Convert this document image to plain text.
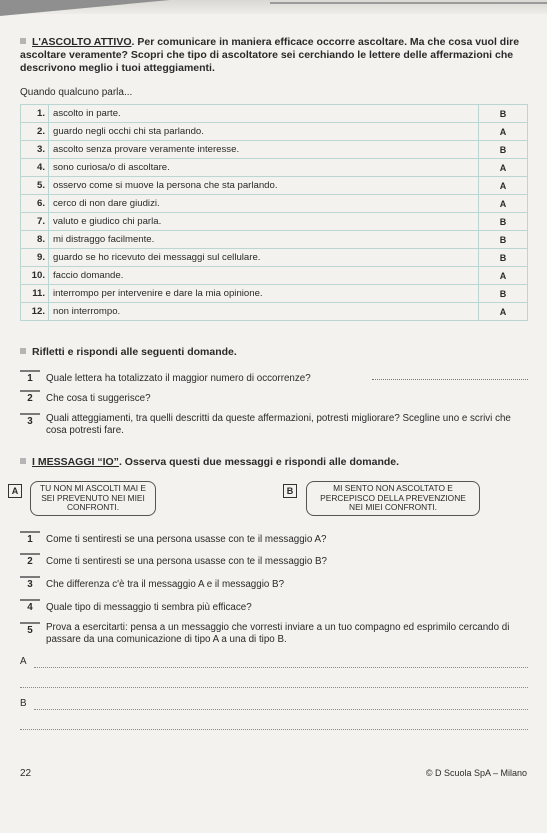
L'ASCOLTO ATTIVO. Per comunicare in maniera efficace occorre ascoltare. Ma che cosa vuol dire ascoltare veramente? Scopri che tipo di ascoltatore sei cerchiando le lettere delle affermazioni che descrivono meglio i tuoi atteggiamenti.
Quando qualcuno parla...
1.	ascolto in parte.	B
2.	guardo negli occhi chi sta parlando.	A
3.	ascolto senza provare veramente interesse.	B
4.	sono curiosa/o di ascoltare.	A
5.	osservo come si muove la persona che sta parlando.	A
6.	cerco di non dare giudizi.	A
7.	valuto e giudico chi parla.	B
8.	mi distraggo facilmente.	B
9.	guardo se ho ricevuto dei messaggi sul cellulare.	B
10.	faccio domande.	A
11.	interrompo per intervenire e dare la mia opinione.	B
12.	non interrompo.	A
Rifletti e rispondi alle seguenti domande.
1 Quale lettera ha totalizzato il maggior numero di occorrenze?
2 Che cosa ti suggerisce?
3	Quali atteggiamenti, tra quelli descritti da queste affermazioni, potresti migliorare? Scegline uno e scrivi che cosa potresti fare.
I MESSAGGI “IO”. Osserva questi due messaggi e rispondi alle domande.
A	TU NON MI ASCOLTI MAI E SEI PREVENUTO NEI MIEI CONFRONTI.
B	MI SENTO NON ASCOLTATO E PERCEPISCO DELLA PREVENZIONE NEI MIEI CONFRONTI.
1 Come ti sentiresti se una persona usasse con te il messaggio A?
2 Come ti sentiresti se una persona usasse con te il messaggio B?
3 Che differenza c'è tra il messaggio A e il messaggio B?
4 Quale tipo di messaggio ti sembra più efficace?
5	Prova a esercitarti: pensa a un messaggio che vorresti inviare a un tuo compagno ed esprimilo cercando di passare da una comunicazione di tipo A a una di tipo B.
A
B
22	© D Scuola SpA – Milano
